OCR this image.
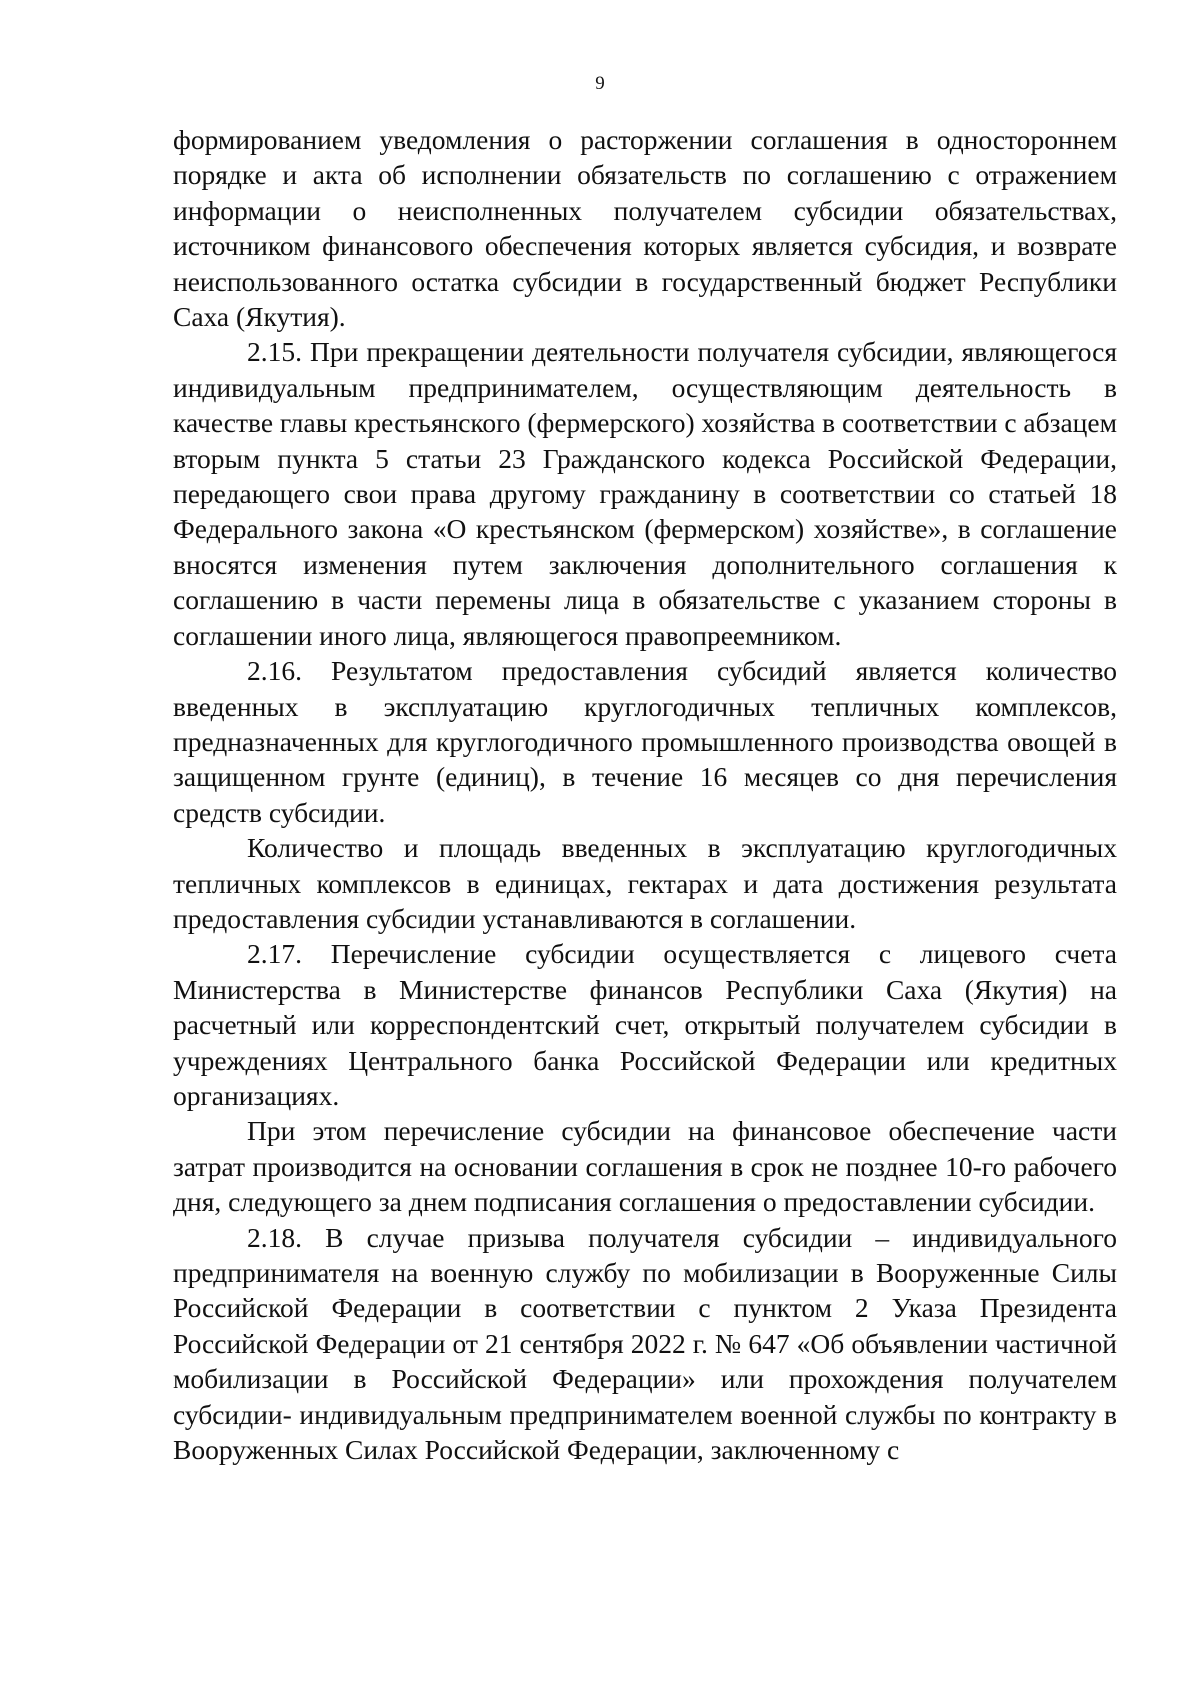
9

формированием уведомления о расторжении соглашения в одностороннем порядке и акта об исполнении обязательств по соглашению с отражением информации о неисполненных получателем субсидии обязательствах, источником финансового обеспечения которых является субсидия, и возврате неиспользованного остатка субсидии в государственный бюджет Республики Саха (Якутия).

2.15. При прекращении деятельности получателя субсидии, являющегося индивидуальным предпринимателем, осуществляющим деятельность в качестве главы крестьянского (фермерского) хозяйства в соответствии с абзацем вторым пункта 5 статьи 23 Гражданского кодекса Российской Федерации, передающего свои права другому гражданину в соответствии со статьей 18 Федерального закона «О крестьянском (фермерском) хозяйстве», в соглашение вносятся изменения путем заключения дополнительного соглашения к соглашению в части перемены лица в обязательстве с указанием стороны в соглашении иного лица, являющегося правопреемником.

2.16. Результатом предоставления субсидий является количество введенных в эксплуатацию круглогодичных тепличных комплексов, предназначенных для круглогодичного промышленного производства овощей в защищенном грунте (единиц), в течение 16 месяцев со дня перечисления средств субсидии.

Количество и площадь введенных в эксплуатацию круглогодичных тепличных комплексов в единицах, гектарах и дата достижения результата предоставления субсидии устанавливаются в соглашении.

2.17. Перечисление субсидии осуществляется с лицевого счета Министерства в Министерстве финансов Республики Саха (Якутия) на расчетный или корреспондентский счет, открытый получателем субсидии в учреждениях Центрального банка Российской Федерации или кредитных организациях.

При этом перечисление субсидии на финансовое обеспечение части затрат производится на основании соглашения в срок не позднее 10-го рабочего дня, следующего за днем подписания соглашения о предоставлении субсидии.

2.18. В случае призыва получателя субсидии – индивидуального предпринимателя на военную службу по мобилизации в Вооруженные Силы Российской Федерации в соответствии с пунктом 2 Указа Президента Российской Федерации от 21 сентября 2022 г. № 647 «Об объявлении частичной мобилизации в Российской Федерации» или прохождения получателем субсидии- индивидуальным предпринимателем военной службы по контракту в Вооруженных Силах Российской Федерации, заключенному с
